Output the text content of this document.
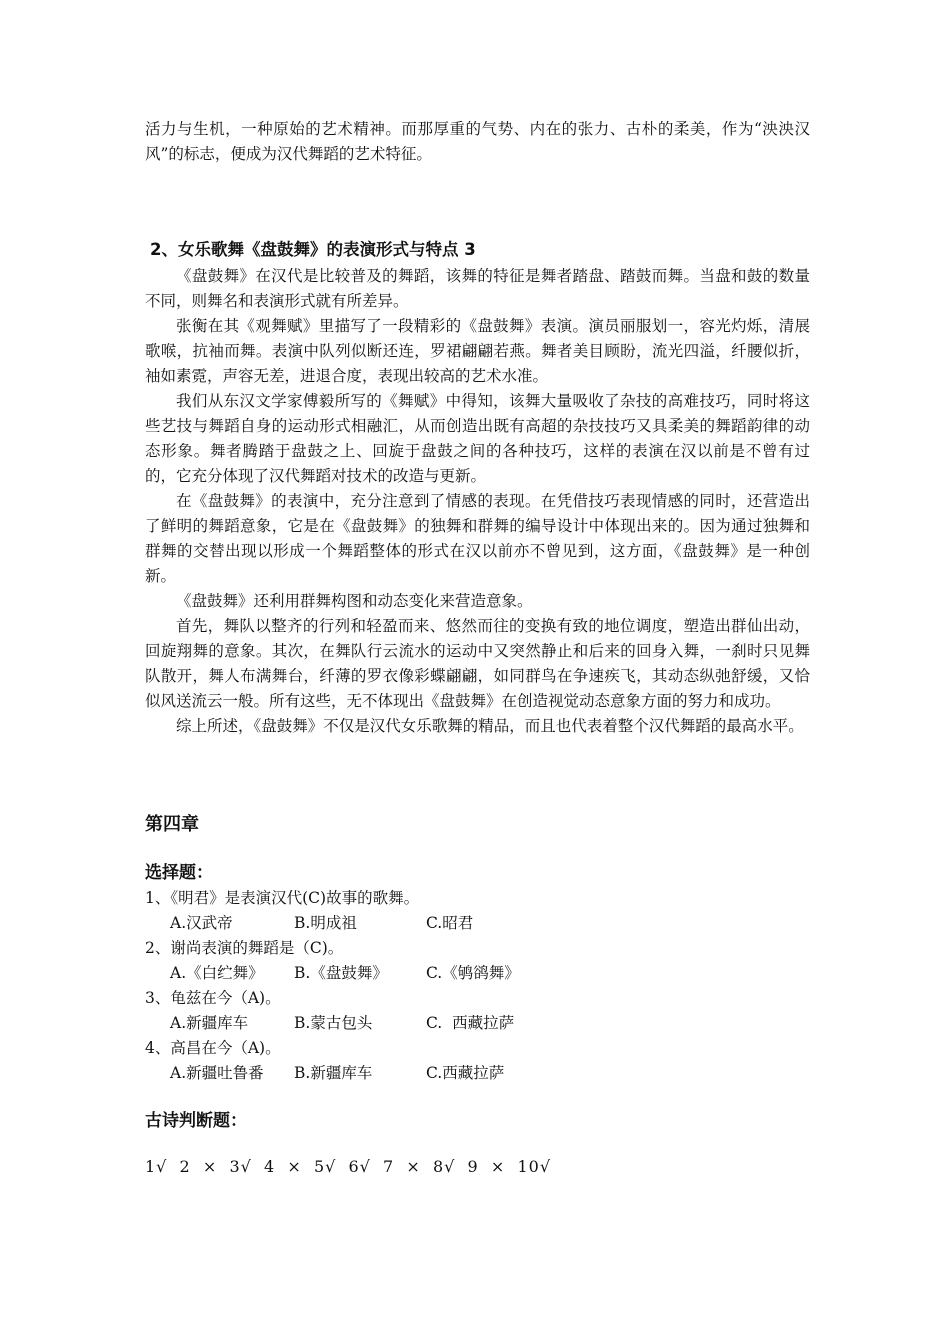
活力与生机，一种原始的艺术精神。而那厚重的气势、内在的张力、古朴的柔美，作为“泱泱汉风”的标志，便成为汉代舞蹈的艺术特征。

2、女乐歌舞《盘鼓舞》的表演形式与特点 3

《盘鼓舞》在汉代是比较普及的舞蹈，该舞的特征是舞者踏盘、踏鼓而舞。当盘和鼓的数量不同，则舞名和表演形式就有所差异。

张衡在其《观舞赋》里描写了一段精彩的《盘鼓舞》表演。演员丽服划一，容光灼烁，清展歌喉，抗袖而舞。表演中队列似断还连，罗裙翩翩若燕。舞者美目顾盼，流光四溢，纤腰似折，袖如素霓，声容无差，进退合度，表现出较高的艺术水准。

我们从东汉文学家傅毅所写的《舞赋》中得知，该舞大量吸收了杂技的高难技巧，同时将这些艺技与舞蹈自身的运动形式相融汇，从而创造出既有高超的杂技技巧又具柔美的舞蹈韵律的动态形象。舞者腾踏于盘鼓之上、回旋于盘鼓之间的各种技巧，这样的表演在汉以前是不曾有过的，它充分体现了汉代舞蹈对技术的改造与更新。

在《盘鼓舞》的表演中，充分注意到了情感的表现。在凭借技巧表现情感的同时，还营造出了鲜明的舞蹈意象，它是在《盘鼓舞》的独舞和群舞的编导设计中体现出来的。因为通过独舞和群舞的交替出现以形成一个舞蹈整体的形式在汉以前亦不曾见到，这方面，《盘鼓舞》是一种创新。

《盘鼓舞》还利用群舞构图和动态变化来营造意象。

首先，舞队以整齐的行列和轻盈而来、悠然而往的变换有致的地位调度，塑造出群仙出动，回旋翔舞的意象。其次，在舞队行云流水的运动中又突然静止和后来的回身入舞，一刹时只见舞队散开，舞人布满舞台，纤薄的罗衣像彩蝶翩翩，如同群鸟在争速疾飞，其动态纵弛舒缓，又恰似风送流云一般。所有这些，无不体现出《盘鼓舞》在创造视觉动态意象方面的努力和成功。

综上所述，《盘鼓舞》不仅是汉代女乐歌舞的精品，而且也代表着整个汉代舞蹈的最高水平。

第四章
选择题：

1、《明君》是表演汉代(C)故事的歌舞。

A.汉武帝	B.明成祖	C.昭君

2、谢尚表演的舞蹈是（C)。

A.《白纻舞》 B.《盘鼓舞》 C.《鸲鹆舞》

3、龟兹在今（A)。

A.新疆库车	B.蒙古包头	C.  西藏拉萨

4、高昌在今（A)。

A.新疆吐鲁番 B.新疆库车	C.西藏拉萨
古诗判断题：
1√  2  ×  3√  4  ×  5√  6√  7  ×  8√  9  ×  10√
